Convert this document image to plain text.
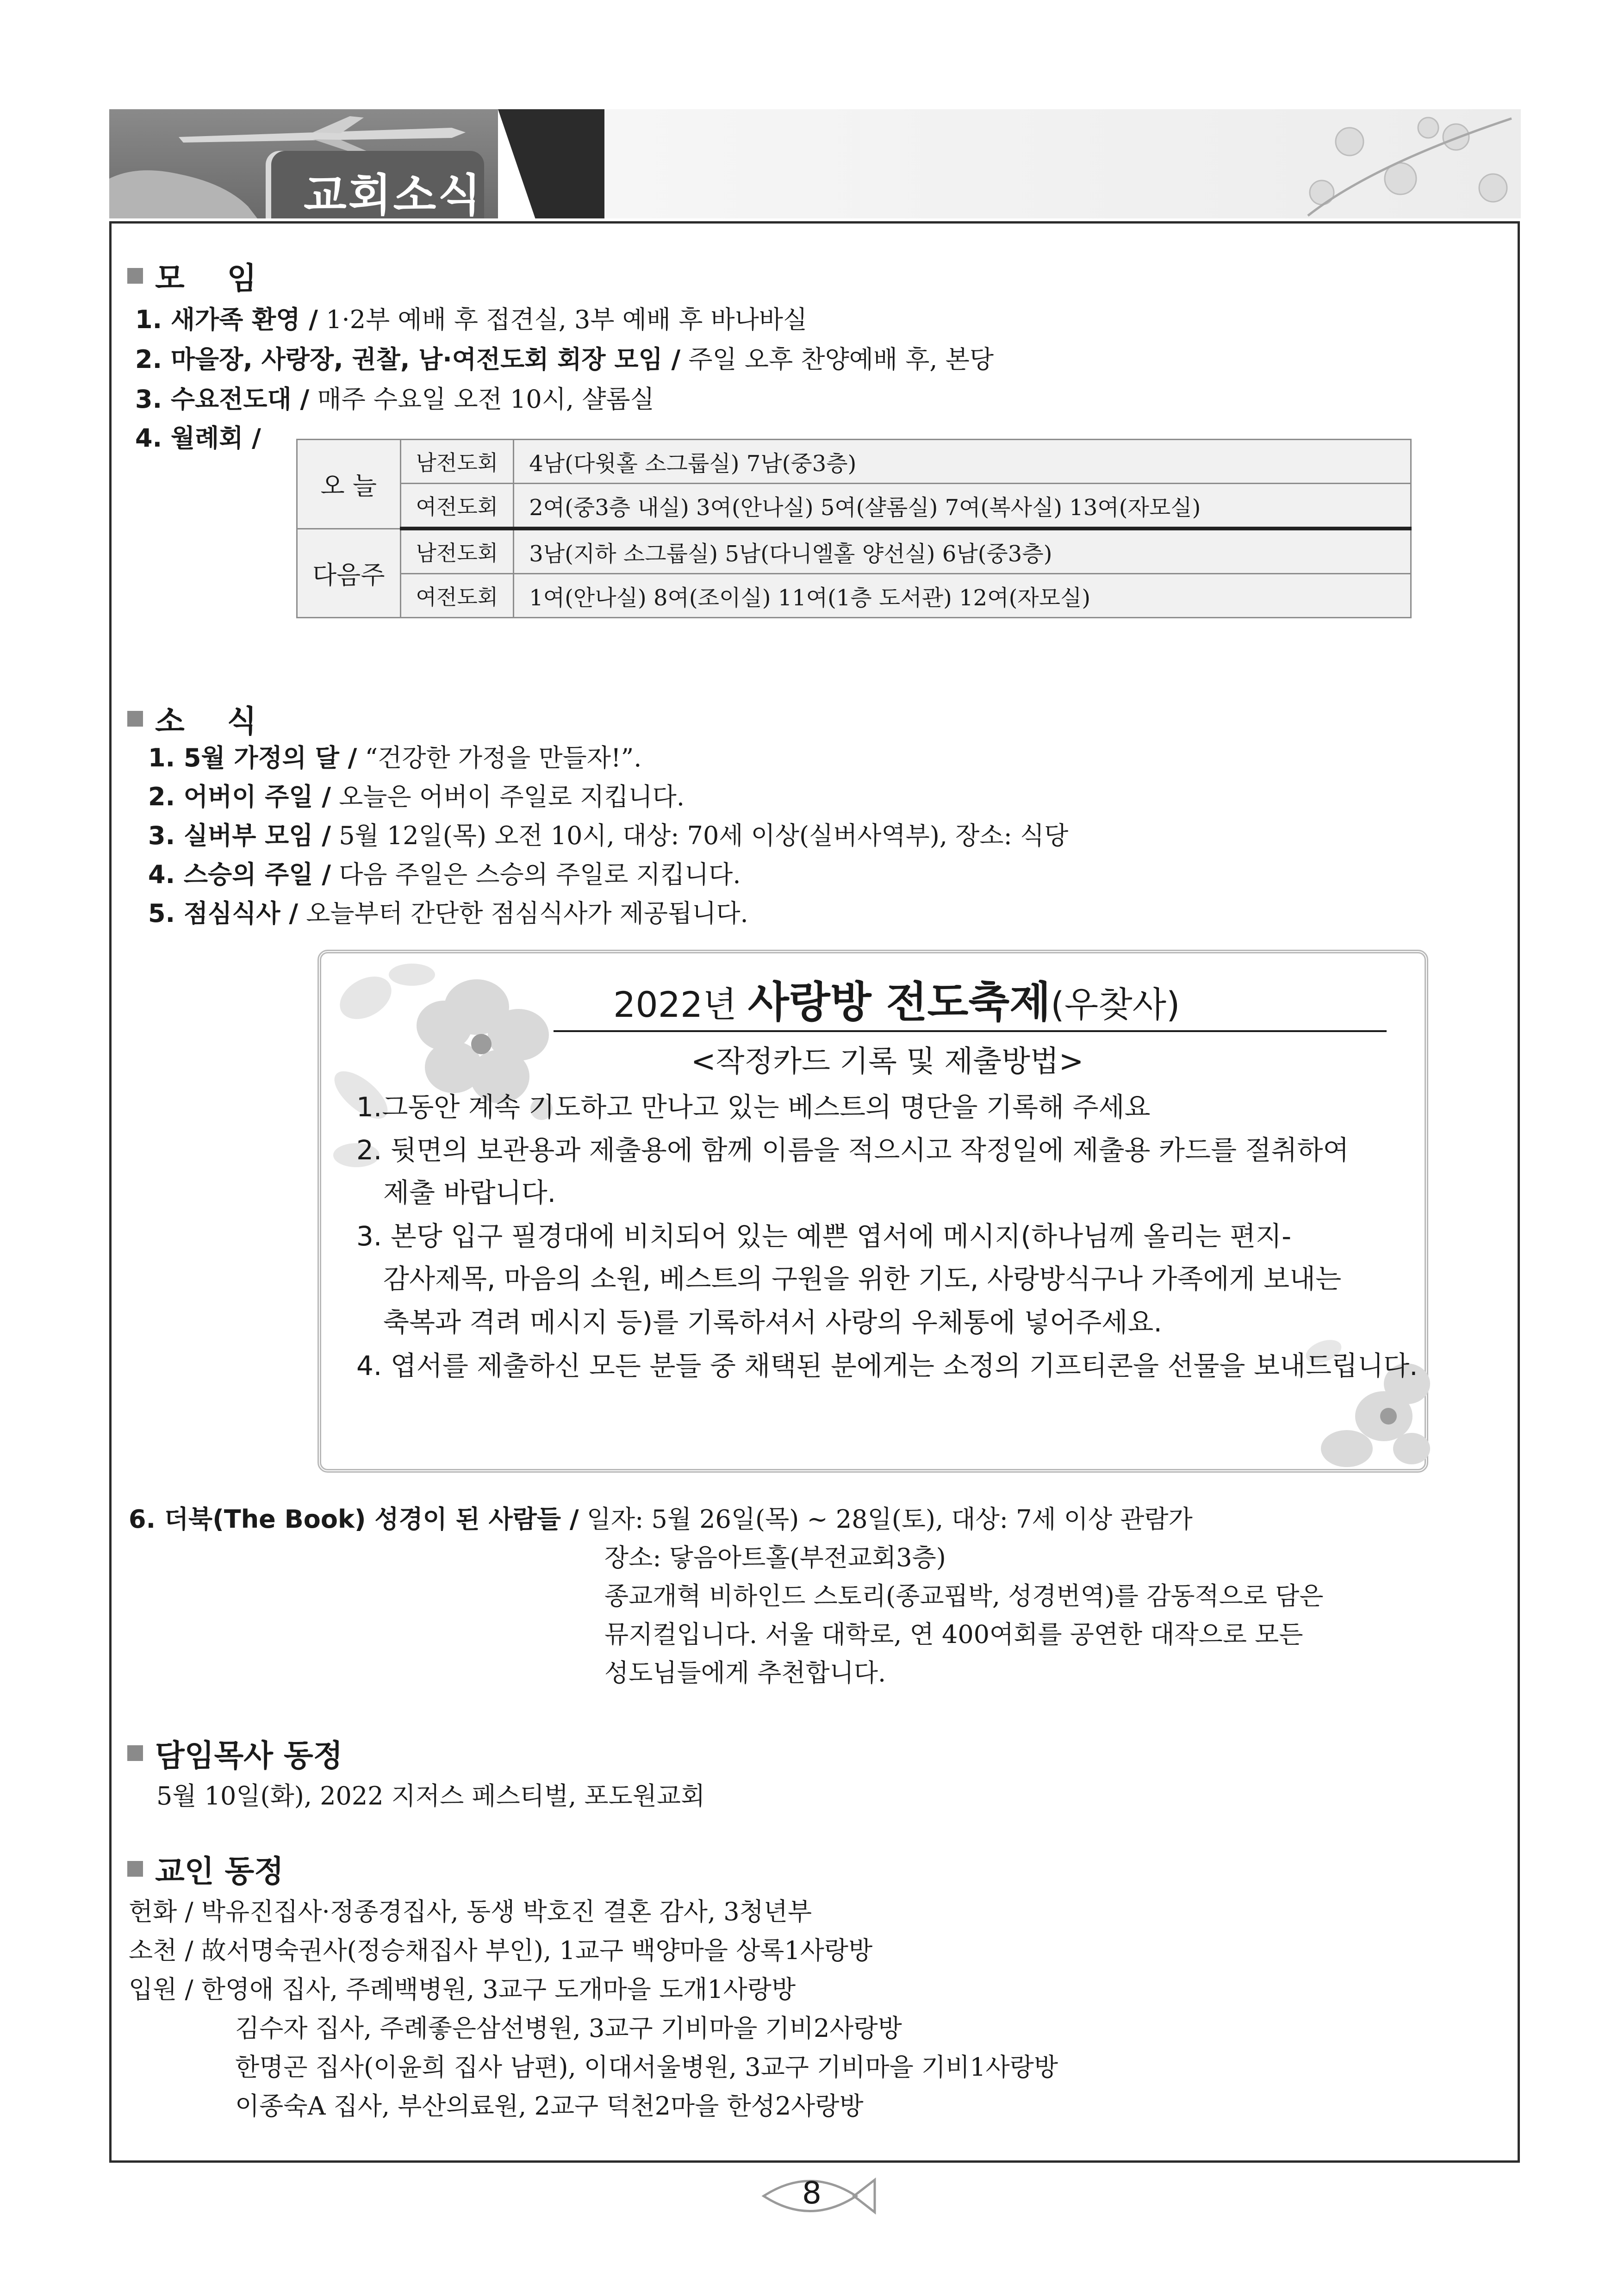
교회소식
모    임
1. 새가족 환영 / 1·2부 예배 후 접견실, 3부 예배 후 바나바실
2. 마을장, 사랑장, 권찰, 남·여전도회 회장 모임 / 주일 오후 찬양예배 후, 본당
3. 수요전도대 / 매주 수요일 오전 10시, 샬롬실
4. 월례회 /
오 늘	남전도회	4남(다윗홀 소그룹실) 7남(중3층)
	여전도회	2여(중3층 내실) 3여(안나실) 5여(샬롬실) 7여(복사실) 13여(자모실)
다음주	남전도회	3남(지하 소그룹실) 5남(다니엘홀 양선실) 6남(중3층)
	여전도회	1여(안나실) 8여(조이실) 11여(1층 도서관) 12여(자모실)
소    식
1. 5월 가정의 달 / “건강한 가정을 만들자!”.
2. 어버이 주일 / 오늘은 어버이 주일로 지킵니다.
3. 실버부 모임 / 5월 12일(목) 오전 10시, 대상: 70세 이상(실버사역부), 장소: 식당
4. 스승의 주일 / 다음 주일은 스승의 주일로 지킵니다.
5. 점심식사 / 오늘부터 간단한 점심식사가 제공됩니다.
2022년 사랑방 전도축제(우찾사)
<작정카드 기록 및 제출방법>
1.그동안 계속 기도하고 만나고 있는 베스트의 명단을 기록해 주세요
2. 뒷면의 보관용과 제출용에 함께 이름을 적으시고 작정일에 제출용 카드를 절취하여
제출 바랍니다.
3. 본당 입구 필경대에 비치되어 있는 예쁜 엽서에 메시지(하나님께 올리는 편지-
감사제목, 마음의 소원, 베스트의 구원을 위한 기도, 사랑방식구나 가족에게 보내는
축복과 격려 메시지 등)를 기록하셔서 사랑의 우체통에 넣어주세요.
4. 엽서를 제출하신 모든 분들 중 채택된 분에게는 소정의 기프티콘을 선물을 보내드립니다.
6. 더북(The Book) 성경이 된 사람들 / 일자: 5월 26일(목) ~ 28일(토), 대상: 7세 이상 관람가
장소: 닿음아트홀(부전교회3층)
종교개혁 비하인드 스토리(종교핍박, 성경번역)를 감동적으로 담은
뮤지컬입니다. 서울 대학로, 연 400여회를 공연한 대작으로 모든
성도님들에게 추천합니다.
담임목사 동정
5월 10일(화), 2022 지저스 페스티벌, 포도원교회
교인 동정
헌화 / 박유진집사·정종경집사, 동생 박호진 결혼 감사, 3청년부
소천 / 故서명숙권사(정승채집사 부인), 1교구 백양마을 상록1사랑방
입원 / 한영애 집사, 주례백병원, 3교구 도개마을 도개1사랑방
김수자 집사, 주례좋은삼선병원, 3교구 기비마을 기비2사랑방
한명곤 집사(이윤희 집사 남편), 이대서울병원, 3교구 기비마을 기비1사랑방
이종숙A 집사, 부산의료원, 2교구 덕천2마을 한성2사랑방
8
